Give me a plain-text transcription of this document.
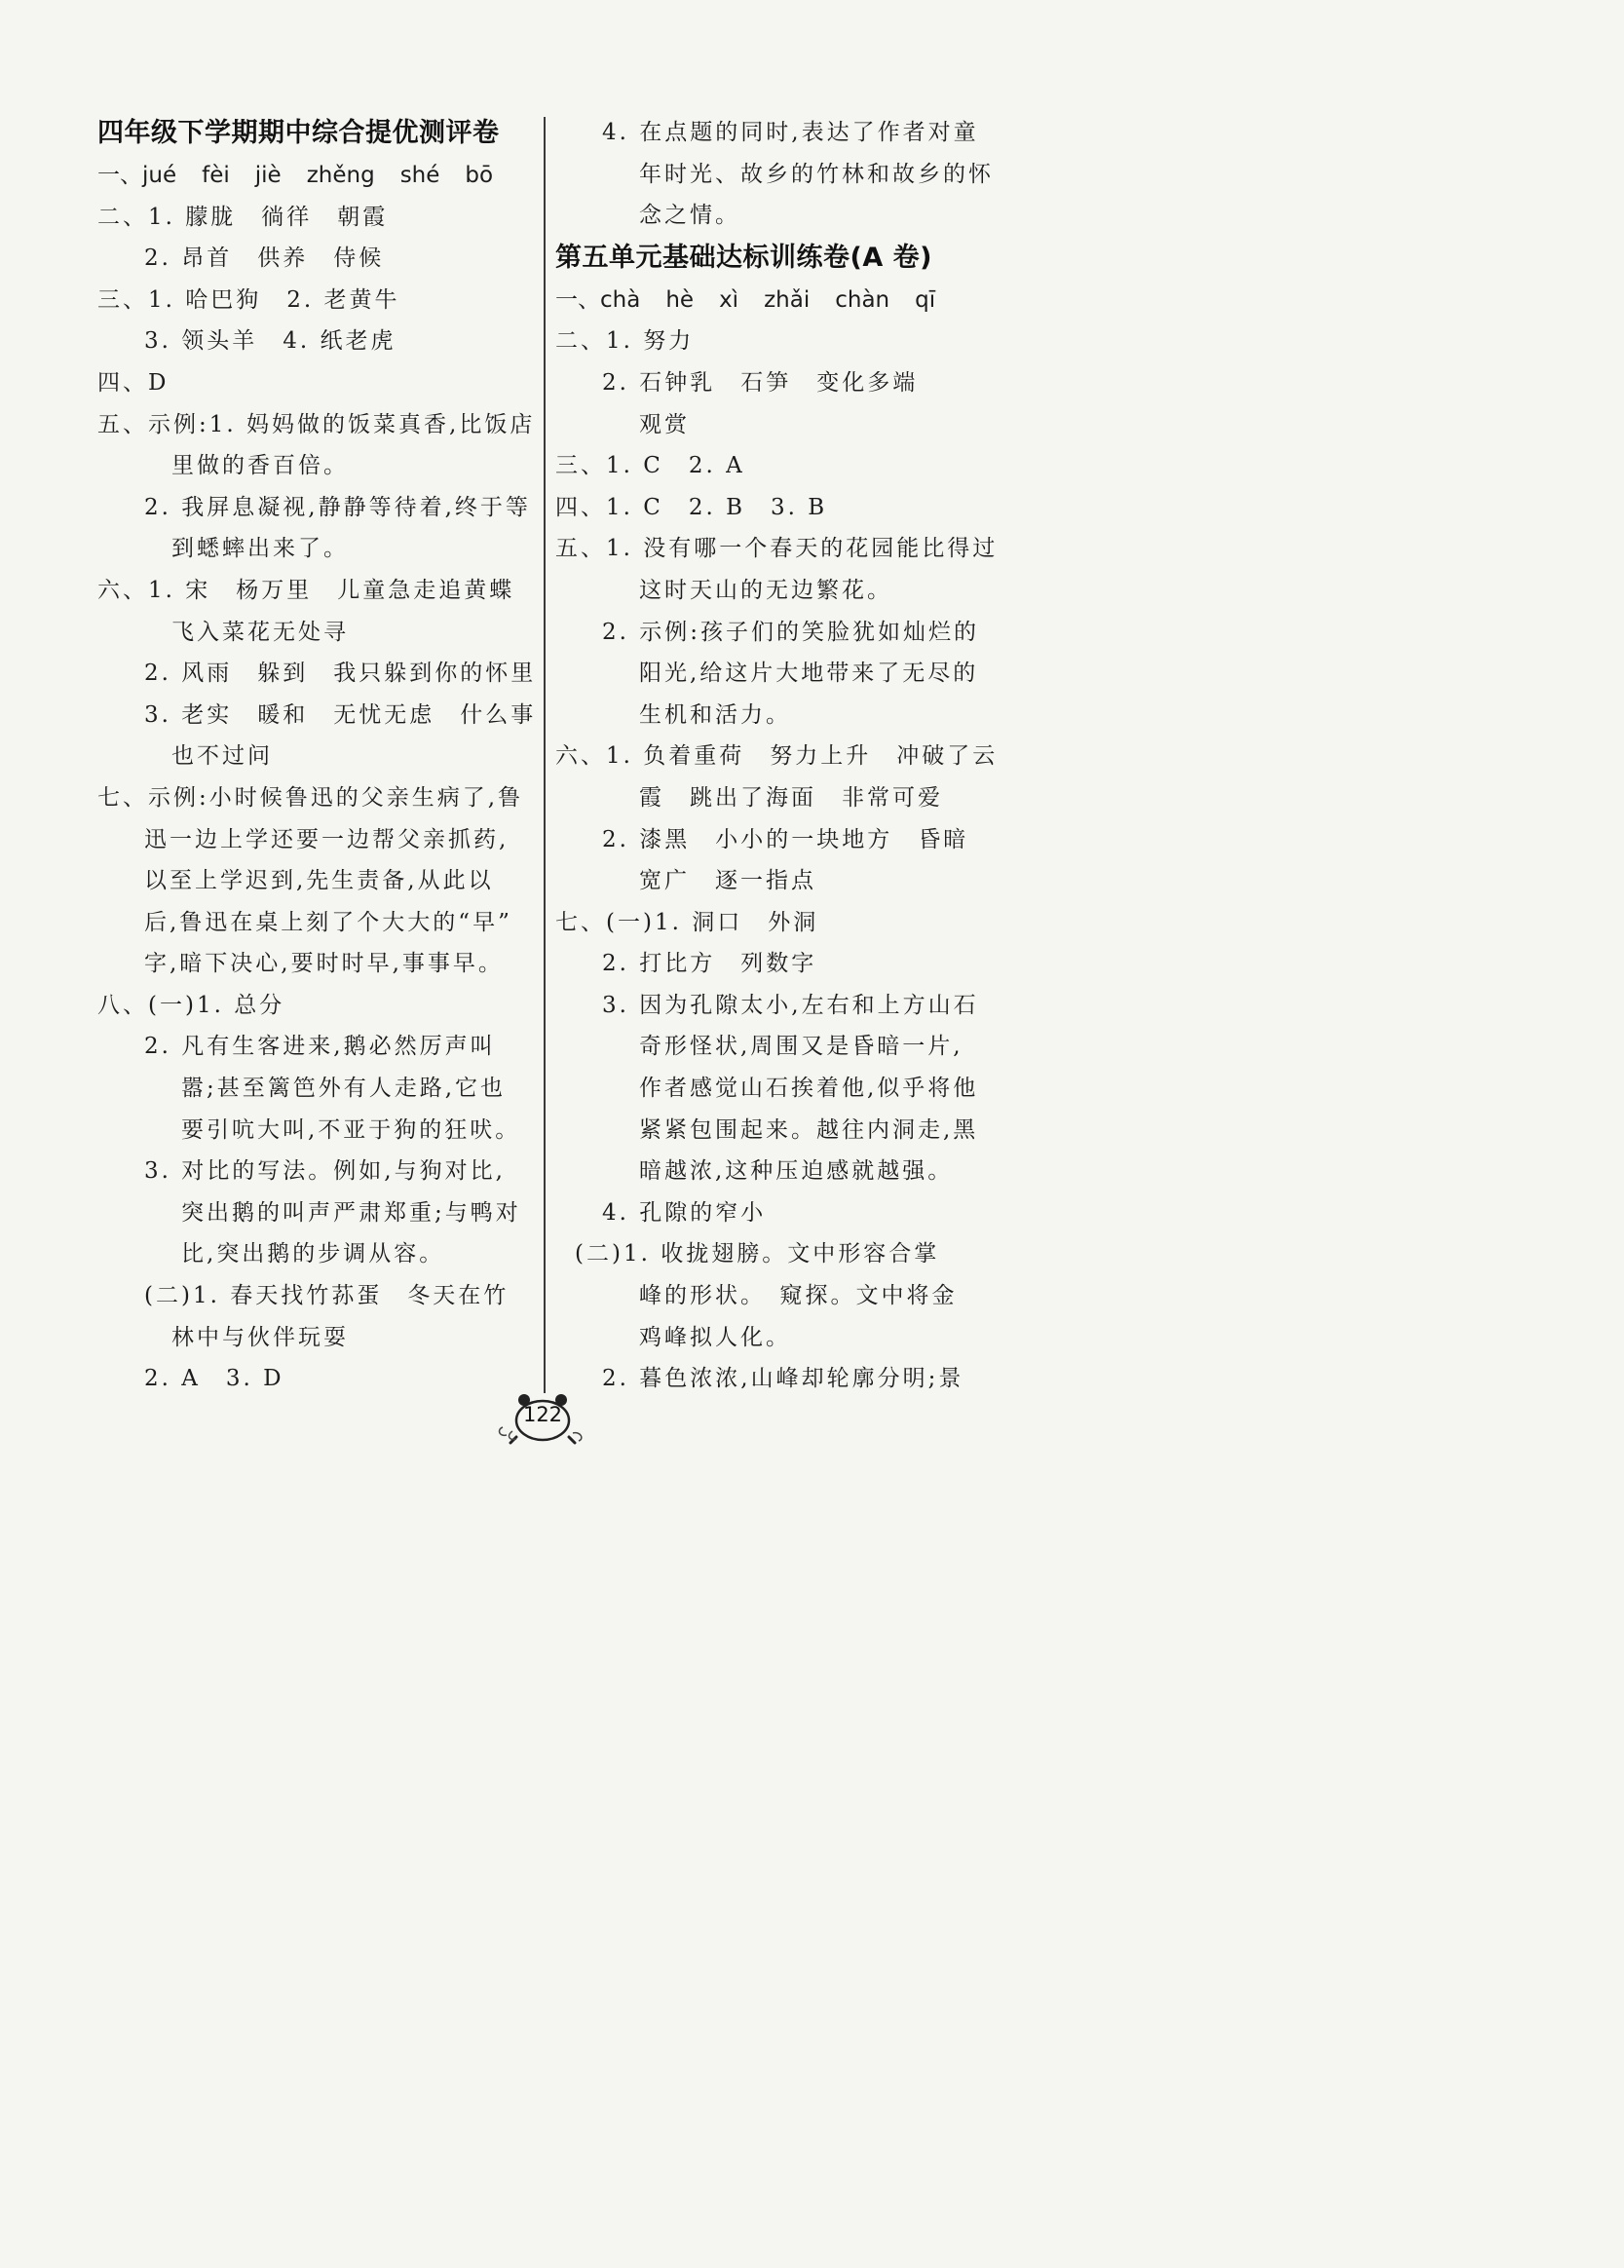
四年级下学期期中综合提优测评卷
一、jué fèi jiè zhěng shé bō
二、1. 朦胧　徜徉　朝霞
2. 昂首　供养　侍候
三、1. 哈巴狗　2. 老黄牛
3. 领头羊　4. 纸老虎
四、D
五、示例:1. 妈妈做的饭菜真香,比饭店
里做的香百倍。
2. 我屏息凝视,静静等待着,终于等
到蟋蟀出来了。
六、1. 宋　杨万里　儿童急走追黄蝶
飞入菜花无处寻
2. 风雨　躲到　我只躲到你的怀里
3. 老实　暖和　无忧无虑　什么事
也不过问
七、示例:小时候鲁迅的父亲生病了,鲁
迅一边上学还要一边帮父亲抓药,
以至上学迟到,先生责备,从此以
后,鲁迅在桌上刻了个大大的“早”
字,暗下决心,要时时早,事事早。
八、(一)1. 总分
2. 凡有生客进来,鹅必然厉声叫
嚣;甚至篱笆外有人走路,它也
要引吭大叫,不亚于狗的狂吠。
3. 对比的写法。例如,与狗对比,
突出鹅的叫声严肃郑重;与鸭对
比,突出鹅的步调从容。
(二)1. 春天找竹荪蛋　冬天在竹
林中与伙伴玩耍
2. A　3. D
4. 在点题的同时,表达了作者对童
年时光、故乡的竹林和故乡的怀
念之情。
第五单元基础达标训练卷(A 卷)
一、chà hè xì zhǎi chàn qī
二、1. 努力
2. 石钟乳　石笋　变化多端
观赏
三、1. C　2. A
四、1. C　2. B　3. B
五、1. 没有哪一个春天的花园能比得过
这时天山的无边繁花。
2. 示例:孩子们的笑脸犹如灿烂的
阳光,给这片大地带来了无尽的
生机和活力。
六、1. 负着重荷　努力上升　冲破了云
霞　跳出了海面　非常可爱
2. 漆黑　小小的一块地方　昏暗
宽广　逐一指点
七、(一)1. 洞口　外洞
2. 打比方　列数字
3. 因为孔隙太小,左右和上方山石
奇形怪状,周围又是昏暗一片,
作者感觉山石挨着他,似乎将他
紧紧包围起来。越往内洞走,黑
暗越浓,这种压迫感就越强。
4. 孔隙的窄小
(二)1. 收拢翅膀。文中形容合掌
峰的形状。　窥探。文中将金
鸡峰拟人化。
2. 暮色浓浓,山峰却轮廓分明;景
122
